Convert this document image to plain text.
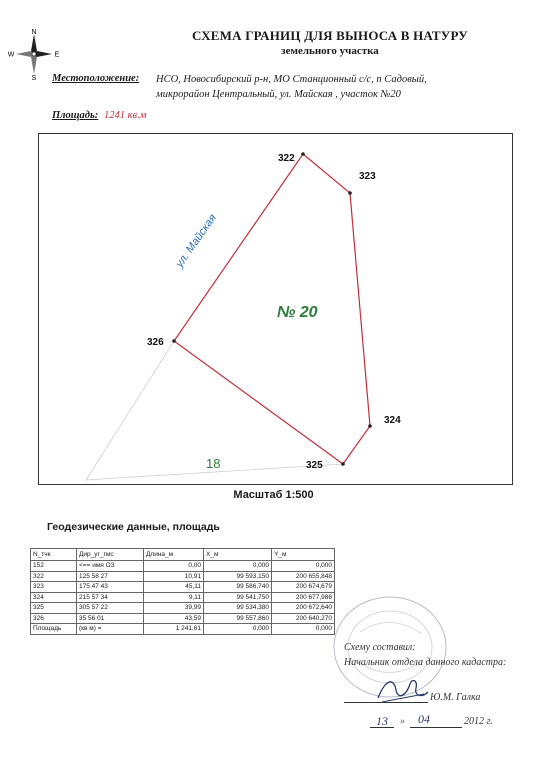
N
S
W	E
СХЕМА ГРАНИЦ ДЛЯ ВЫНОСА В НАТУРУ
земельного участка
Местоположение: НСО, Новосибирский р-н, МО Станционный с/с, п Садовый,
микрорайон Центральный, ул. Майская , участок №20
Площадь: 1241 кв.м
322
323
324
325
326
ул. Майская
№ 20
18
Масштаб 1:500
Геодезические данные, площадь
N_тчк	Дир_уг_гмс	Длина_м	X_м	Y_м
152	<== имя ОЗ	0,00	0,000	0,000
322	125 58 27	10,91	99 593,150	200 655,848
323	175 47 43	45,11	99 586,740	200 674,679
324	215 57 34	9,11	99 541,750	200 677,986
325	305 57 22	39,99	99 534,380	200 672,640
326	35 56 01	43,59	99 557,860	200 640,270
Площадь	(кв м) =	1 241,61	0,000	0,000
Схему составил:
Начальник отдела данного кадастра:
Ю.М. Галка
13 » 04	2012 г.
